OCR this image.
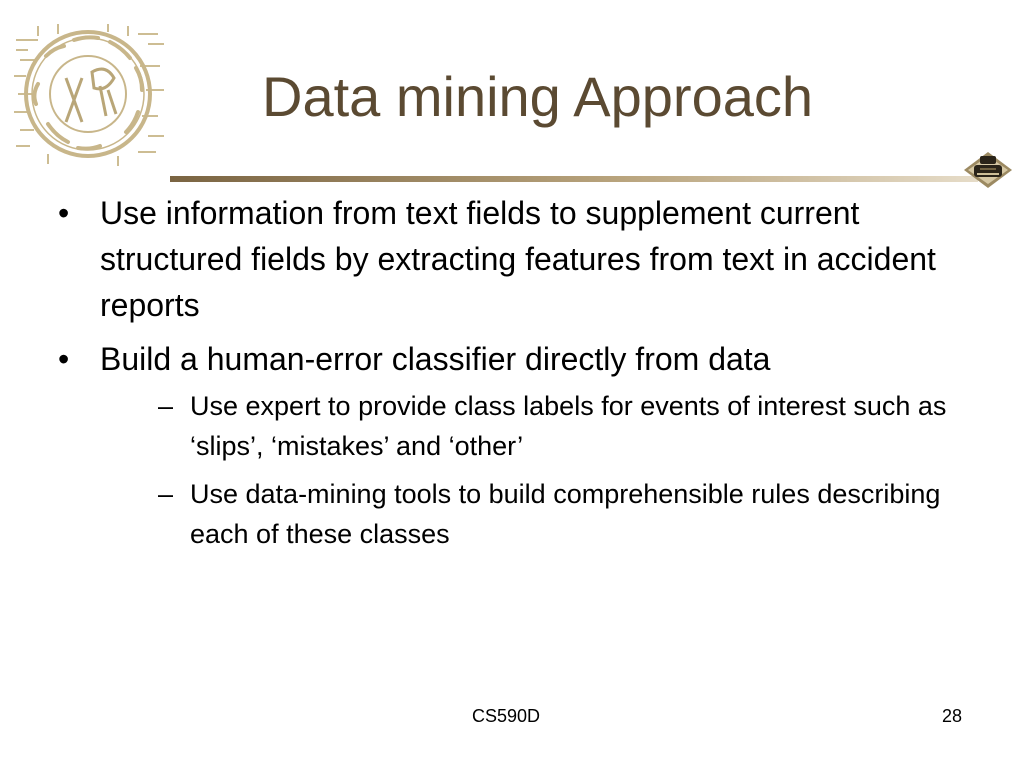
Data mining Approach
• Use information from text fields to supplement current structured fields by extracting features from text in accident reports
• Build a human-error classifier directly from data
– Use expert to provide class labels for events of interest such as ‘slips’, ‘mistakes’ and ‘other’
– Use data-mining tools to build comprehensible rules describing each of these classes
CS590D	28
